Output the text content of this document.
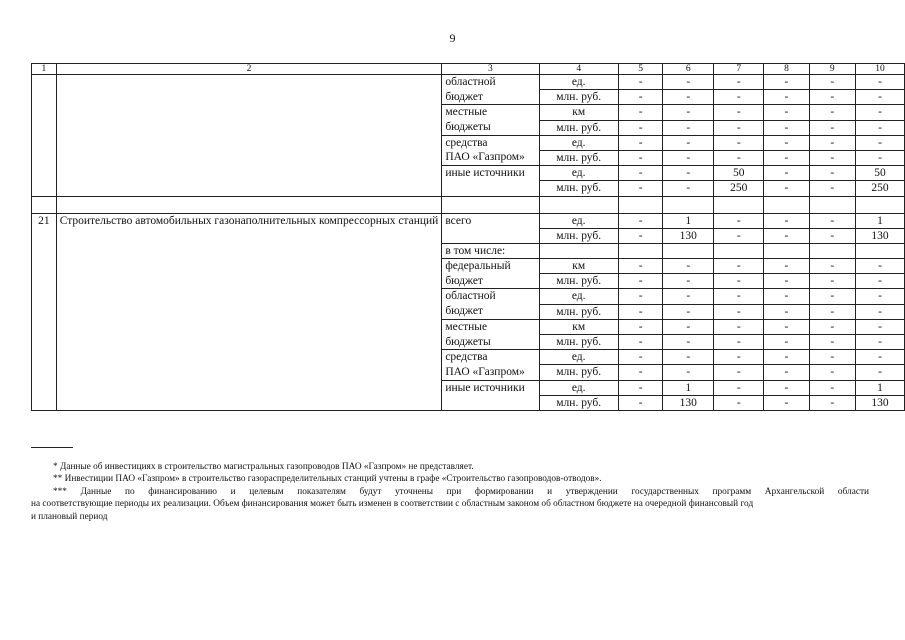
9
1	2	3	4	5	6	7	8	9	10
		областной	ед.	-	-	-	-	-	-
		бюджет	млн. руб.	-	-	-	-	-	-
		местные	км	-	-	-	-	-	-
		бюджеты	млн. руб.	-	-	-	-	-	-
		средства	ед.	-	-	-	-	-	-
		ПАО «Газпром»	млн. руб.	-	-	-	-	-	-
		иные источники	ед.	-	-	50	-	-	50
			млн. руб.	-	-	250	-	-	250

21	Строительство автомобильных газонаполнительных компрессорных станций	всего	ед.	-	1	-	-	-	1
			млн. руб.	-	130	-	-	-	130
		в том числе:							
		федеральный	км	-	-	-	-	-	-
		бюджет	млн. руб.	-	-	-	-	-	-
		областной	ед.	-	-	-	-	-	-
		бюджет	млн. руб.	-	-	-	-	-	-
		местные	км	-	-	-	-	-	-
		бюджеты	млн. руб.	-	-	-	-	-	-
		средства	ед.	-	-	-	-	-	-
		ПАО «Газпром»	млн. руб.	-	-	-	-	-	-
		иные источники	ед.	-	1	-	-	-	1
			млн. руб.	-	130	-	-	-	130

* Данные об инвестициях в строительство магистральных газопроводов ПАО «Газпром» не представляет.

** Инвестиции ПАО «Газпром» в строительство газораспределительных станций учтены в графе «Строительство газопроводов-отводов».

*** Данные по финансированию и целевым показателям будут уточнены при формировании и утверждении государственных программ Архангельской области

на соответствующие периоды их реализации. Объем финансирования может быть изменен в соответствии с областным законом об областном бюджете на очередной финансовый год

и плановый период
